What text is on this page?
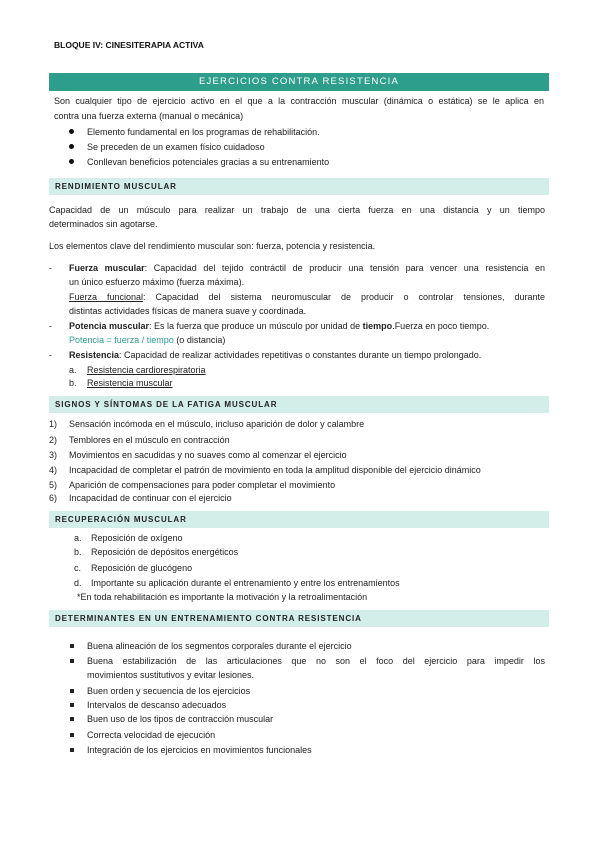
BLOQUE IV: CINESITERAPIA ACTIVA
EJERCICIOS CONTRA RESISTENCIA
Son cualquier tipo de ejercicio activo en el que a la contracción muscular (dinámica o estática) se le aplica en
contra una fuerza externa (manual o mecánica)
Elemento fundamental en los programas de rehabilitación.
Se preceden de un examen físico cuidadoso
Conllevan beneficios potenciales gracias a su entrenamiento
RENDIMIENTO MUSCULAR
Capacidad de un músculo para realizar un trabajo de una cierta fuerza en una distancia y un tiempo
determinados sin agotarse.
Los elementos clave del rendimiento muscular son: fuerza, potencia y resistencia.
- Fuerza muscular: Capacidad del tejido contráctil de producir una tensión para vencer una resistencia en
un único esfuerzo máximo (fuerza máxima).
Fuerza funcional: Capacidad del sistema neuromuscular de producir o controlar tensiones, durante
distintas actividades físicas de manera suave y coordinada.
- Potencia muscular: Es la fuerza que produce un músculo por unidad de tiempo.Fuerza en poco tiempo.
Potencia = fuerza / tiempo (o distancia)
- Resistencia: Capacidad de realizar actividades repetitivas o constantes durante un tiempo prolongado.
a. Resistencia cardiorespiratoria
b. Resistencia muscular
SIGNOS Y SÍNTOMAS DE LA FATIGA MUSCULAR
1) Sensación incómoda en el músculo, incluso aparición de dolor y calambre
2) Temblores en el músculo en contracción
3) Movimientos en sacudidas y no suaves como al comenzar el ejercicio
4) Incapacidad de completar el patrón de movimiento en toda la amplitud disponible del ejercicio dinámico
5) Aparición de compensaciones para poder completar el movimiento
6) Incapacidad de continuar con el ejercicio
RECUPERACIÓN MUSCULAR
a. Reposición de oxígeno
b. Reposición de depósitos energéticos
c. Reposición de glucógeno
d. Importante su aplicación durante el entrenamiento y entre los entrenamientos
*En toda rehabilitación es importante la motivación y la retroalimentación
DETERMINANTES EN UN ENTRENAMIENTO CONTRA RESISTENCIA
Buena alineación de los segmentos corporales durante el ejercicio
Buena estabilización de las articulaciones que no son el foco del ejercicio para impedir los
movimientos sustitutivos y evitar lesiones.
Buen orden y secuencia de los ejercicios
Intervalos de descanso adecuados
Buen uso de los tipos de contracción muscular
Correcta velocidad de ejecución
Integración de los ejercicios en movimientos funcionales
